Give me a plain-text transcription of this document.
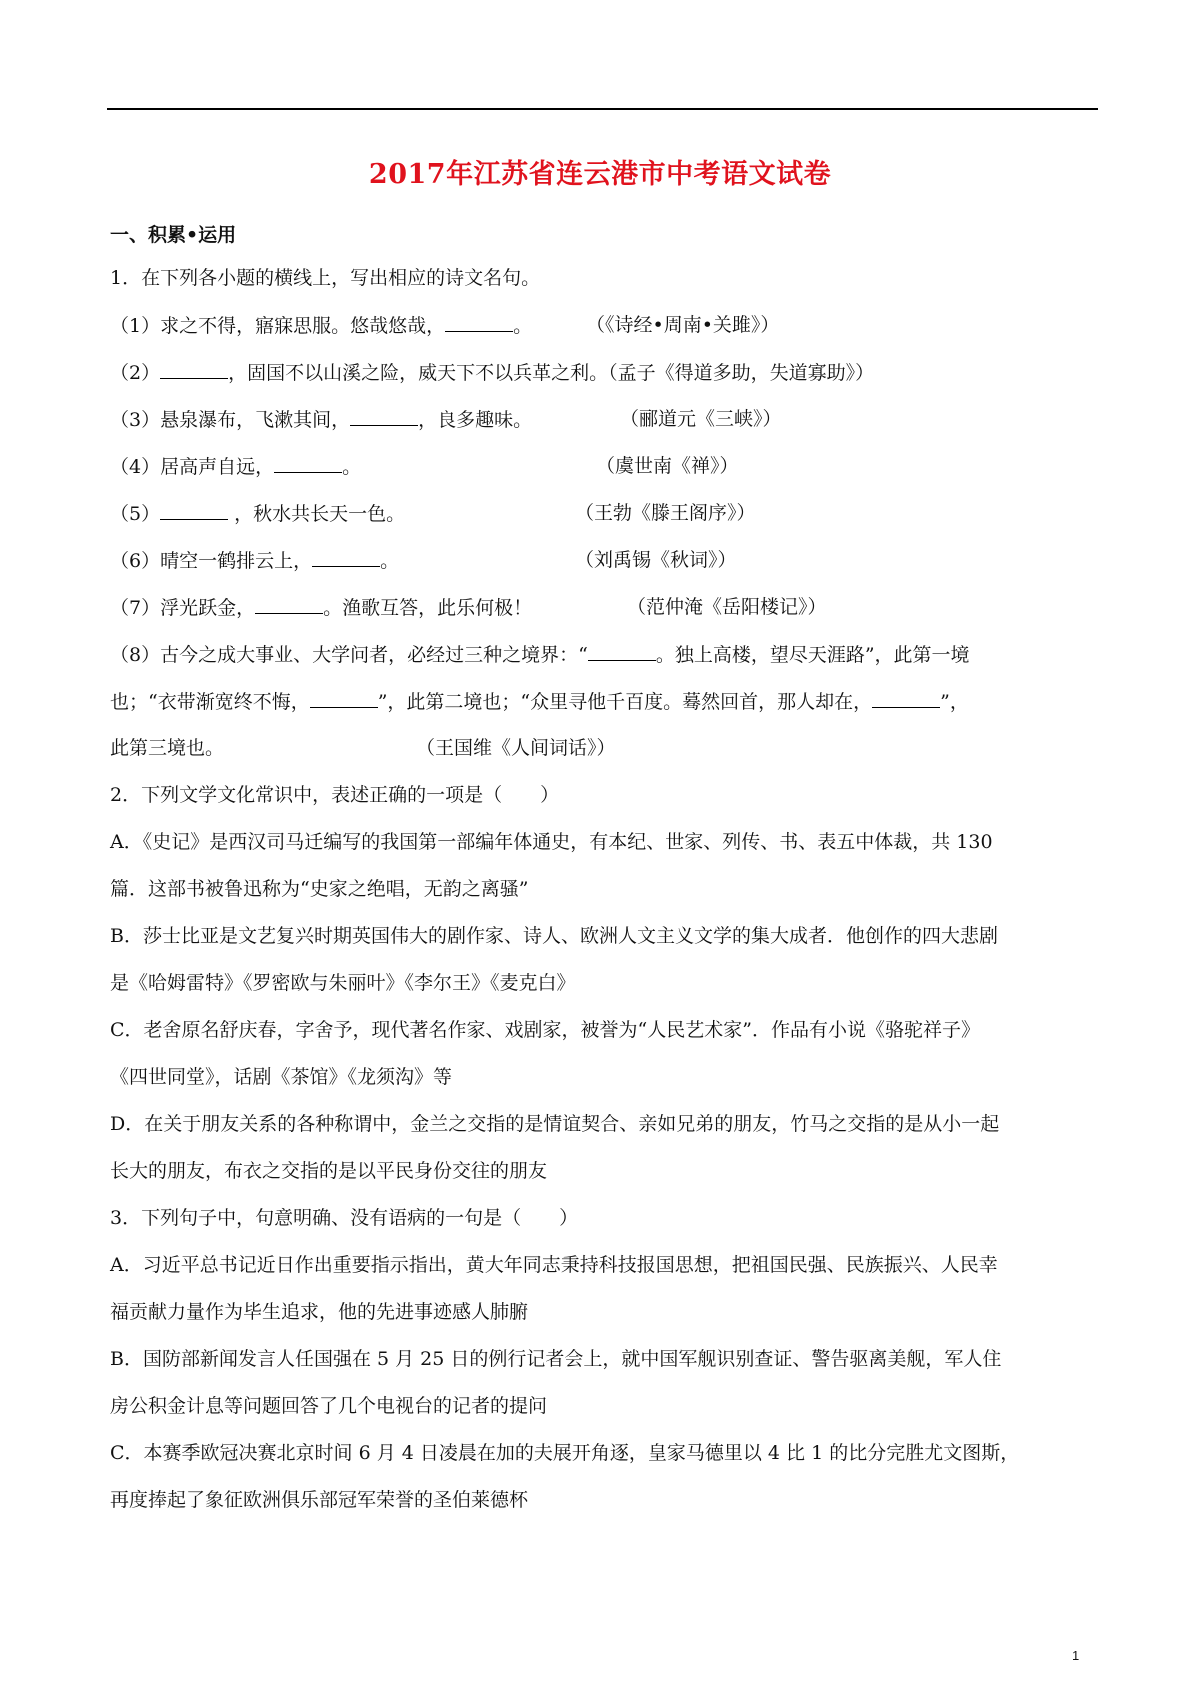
2017年江苏省连云港市中考语文试卷
一、积累•运用
1．在下列各小题的横线上，写出相应的诗文名句。
（1）求之不得，寤寐思服。悠哉悠哉，	。	（《诗经•周南•关雎》）
（2）	，固国不以山溪之险，威天下不以兵革之利。（孟子《得道多助，失道寡助》）
（3）悬泉瀑布，飞漱其间，	，良多趣味。	（郦道元《三峡》）
（4）居高声自远，	。	（虞世南《禅》）
（5）	，秋水共长天一色。	（王勃《滕王阁序》）
（6）晴空一鹤排云上，	。	（刘禹锡《秋词》）
（7）浮光跃金，	。渔歌互答，此乐何极！	（范仲淹《岳阳楼记》）
（8）古今之成大事业、大学问者，必经过三种之境界：“	。独上高楼，望尽天涯路”，此第一境
也；“衣带渐宽终不悔，	”，此第二境也；“众里寻他千百度。蓦然回首，那人却在，	”，
此第三境也。	（王国维《人间词话》）
2．下列文学文化常识中，表述正确的一项是（　　）
A．《史记》是西汉司马迁编写的我国第一部编年体通史，有本纪、世家、列传、书、表五中体裁，共 130
篇．这部书被鲁迅称为“史家之绝唱，无韵之离骚”
B．莎士比亚是文艺复兴时期英国伟大的剧作家、诗人、欧洲人文主义文学的集大成者．他创作的四大悲剧
是《哈姆雷特》《罗密欧与朱丽叶》《李尔王》《麦克白》
C．老舍原名舒庆春，字舍予，现代著名作家、戏剧家，被誉为“人民艺术家”．作品有小说《骆驼祥子》
《四世同堂》，话剧《茶馆》《龙须沟》等
D．在关于朋友关系的各种称谓中，金兰之交指的是情谊契合、亲如兄弟的朋友，竹马之交指的是从小一起
长大的朋友，布衣之交指的是以平民身份交往的朋友
3．下列句子中，句意明确、没有语病的一句是（　　）
A．习近平总书记近日作出重要指示指出，黄大年同志秉持科技报国思想，把祖国民强、民族振兴、人民幸
福贡献力量作为毕生追求，他的先进事迹感人肺腑
B．国防部新闻发言人任国强在 5 月 25 日的例行记者会上，就中国军舰识别查证、警告驱离美舰，军人住
房公积金计息等问题回答了几个电视台的记者的提问
C．本赛季欧冠决赛北京时间 6 月 4 日凌晨在加的夫展开角逐，皇家马德里以 4 比 1 的比分完胜尤文图斯，
再度捧起了象征欧洲俱乐部冠军荣誉的圣伯莱德杯
1
